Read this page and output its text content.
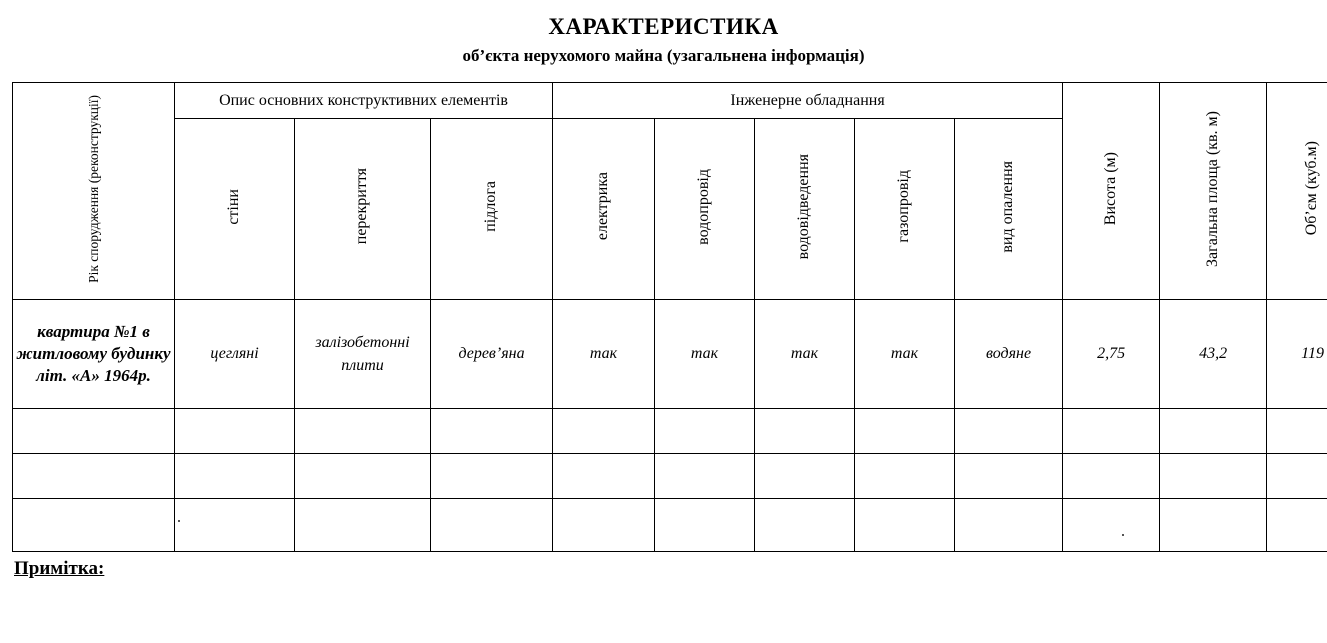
ХАРАКТЕРИСТИКА
об’єкта нерухомого майна (узагальнена інформація)
Рік спорудження (реконструкції)	Опис основних конструктивних елементів			Інженерне обладнання					Висота (м)	Загальна площа (кв. м)	Об’єм (куб.м)
	стіни	перекриття	підлога	електрика	водопровід	водовідведення	газопровід	вид опалення			
квартира №1 в житловому будинку літ. «А» 1964р.	цегляні	залізобетонні плити	дерев’яна	так	так	так	так	водяне	2,75	43,2	119

Примітка:
